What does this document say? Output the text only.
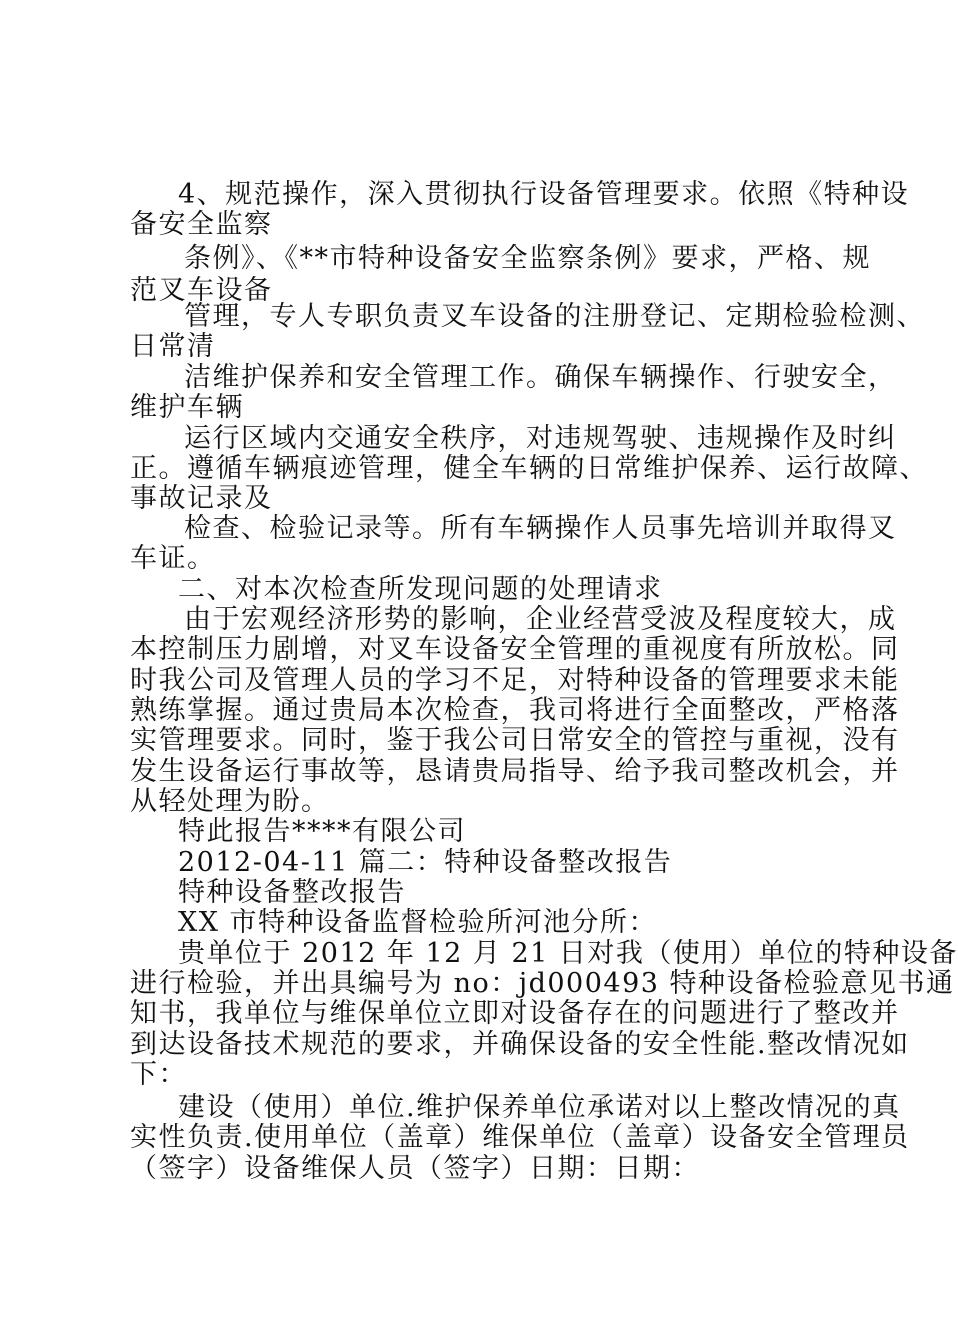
4、规范操作，深入贯彻执行设备管理要求。依照《特种设
备安全监察
条例》、《**市特种设备安全监察条例》要求，严格、规
范叉车设备
管理，专人专职负责叉车设备的注册登记、定期检验检测、
日常清
洁维护保养和安全管理工作。确保车辆操作、行驶安全，
维护车辆
运行区域内交通安全秩序，对违规驾驶、违规操作及时纠
正。遵循车辆痕迹管理，健全车辆的日常维护保养、运行故障、
事故记录及
检查、检验记录等。所有车辆操作人员事先培训并取得叉
车证。
二、对本次检查所发现问题的处理请求
由于宏观经济形势的影响，企业经营受波及程度较大，成
本控制压力剧增，对叉车设备安全管理的重视度有所放松。同
时我公司及管理人员的学习不足，对特种设备的管理要求未能
熟练掌握。通过贵局本次检查，我司将进行全面整改，严格落
实管理要求。同时，鉴于我公司日常安全的管控与重视，没有
发生设备运行事故等，恳请贵局指导、给予我司整改机会，并
从轻处理为盼。
特此报告****有限公司
2012-04-11 篇二：特种设备整改报告
特种设备整改报告
XX 市特种设备监督检验所河池分所：
贵单位于 2012 年 12 月 21 日对我（使用）单位的特种设备
进行检验，并出具编号为 no：jd000493 特种设备检验意见书通
知书，我单位与维保单位立即对设备存在的问题进行了整改并
到达设备技术规范的要求，并确保设备的安全性能.整改情况如
下：
建设（使用）单位.维护保养单位承诺对以上整改情况的真
实性负责.使用单位（盖章）维保单位（盖章）设备安全管理员
（签字）设备维保人员（签字）日期：日期：
